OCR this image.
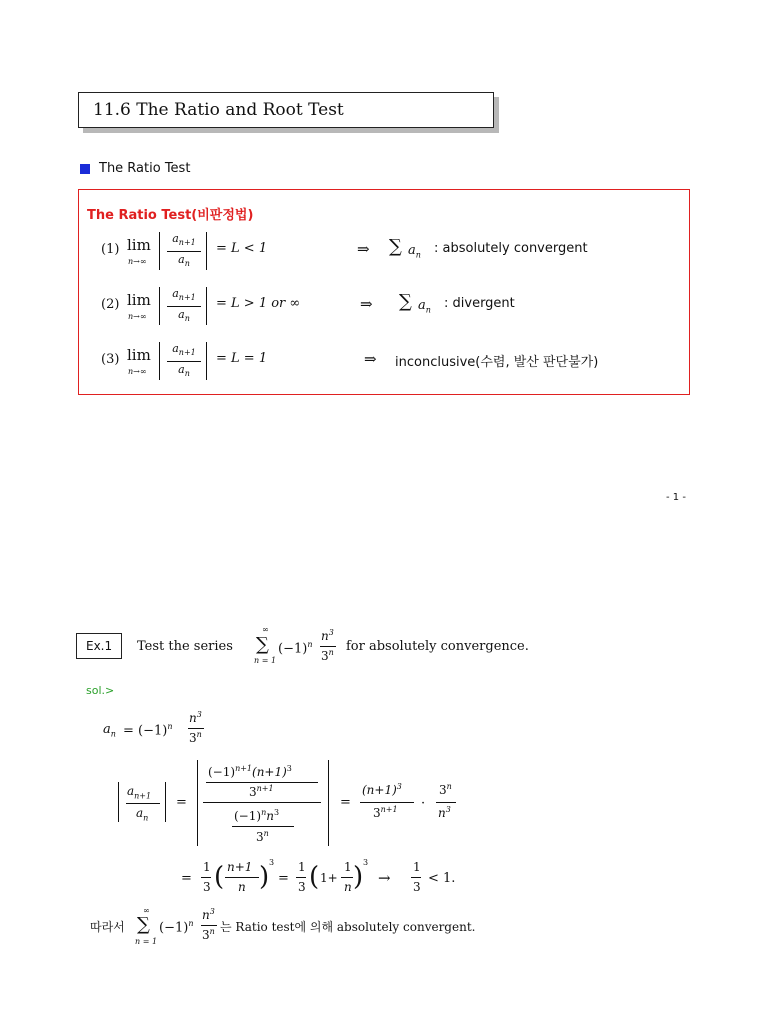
11.6 The Ratio and Root Test
The Ratio Test
The Ratio Test(비판정법)
(1) lim
n→∞
$a_{n+1}$
$a_n$
= L < 1	⇒ ∑ $a_n$ : absolutely convergent
(2) lim
n→∞
$a_{n+1}$
$a_n$
= L > 1 or ∞	⇒ ∑ $a_n$ : divergent
(3) lim
n→∞
$a_{n+1}$
$a_n$
= L = 1	⇒ inconclusive(수렴, 발산 판단불가)
- 1 -
Ex.1 Test the series
∞
∑
n = 1
$(-1)^n$
$n^3$
3$^n$ for absolutely convergence.
sol.>
$a_n = (-1)^n$
$n^3$
3$^n$
$a_{n+1}$
$a_n$
=
$(-1)^{n+1}(n+1)^3$
$3^{n+1}$
$(-1)^nn^3$
$3^n$
=
$(n+1)^3$
$3^{n+1}$ ·
$3^n$
$n^3$
=
1
3 ( n+1
n ) 3
=
1
3 ( 1+
1
n ) 3
→
1
3
< 1.
따라서
∞
∑
n = 1
$(-1)^n$
$n^3$
3$^n$ 는 Ratio test에 의해 absolutely convergent.
